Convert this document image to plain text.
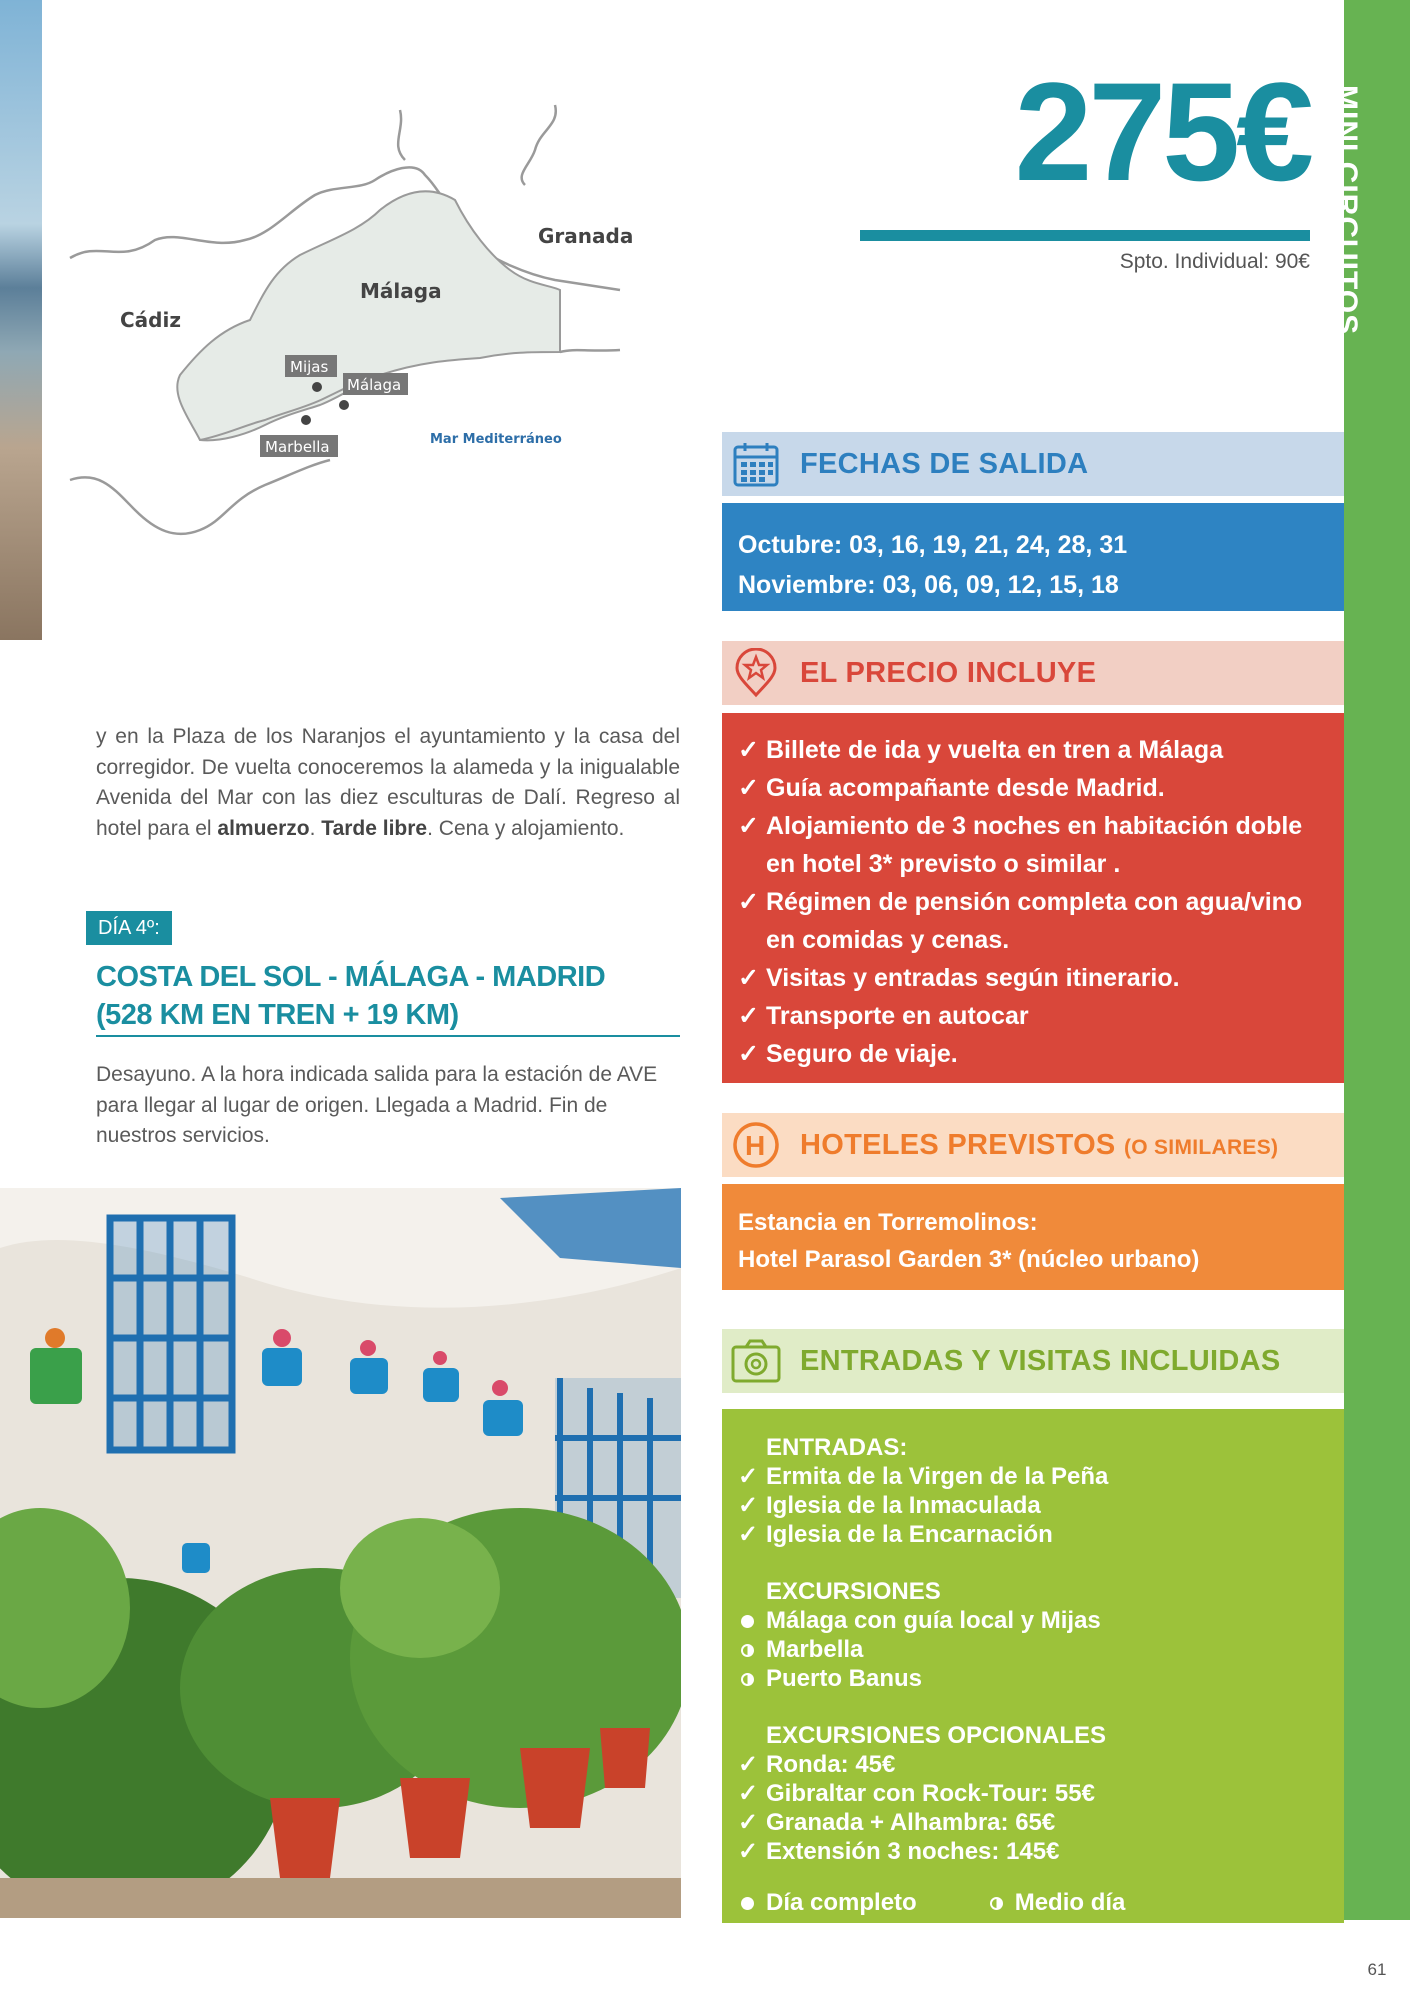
Granada
Málaga
Cádiz
Mijas
Málaga
Marbella	Mar Mediterráneo
275€
Spto. Individual: 90€ MINI CIRCUITOS
61
FECHAS DE SALIDA
Octubre: 03, 16, 19, 21, 24, 28, 31
Noviembre: 03, 06, 09, 12, 15, 18
EL PRECIO INCLUYE
✓ Billete de ida y vuelta en tren a Málaga
✓ Guía acompañante desde Madrid.
✓ Alojamiento de 3 noches en habitación doble en hotel 3* previsto o similar .
✓ Régimen de pensión completa con agua/vino en comidas y cenas.
✓ Visitas y entradas según itinerario.
✓ Transporte en autocar
✓ Seguro de viaje.
H HOTELES PREVISTOS (O SIMILARES)
Estancia en Torremolinos:
Hotel Parasol Garden 3* (núcleo urbano)
ENTRADAS Y VISITAS INCLUIDAS
ENTRADAS:
✓ Ermita de la Virgen de la Peña
✓ Iglesia de la Inmaculada
✓ Iglesia de la Encarnación
EXCURSIONES
Málaga con guía local y Mijas
Marbella
Puerto Banus
EXCURSIONES OPCIONALES
✓ Ronda: 45€
✓ Gibraltar con Rock-Tour: 55€
✓ Granada + Alhambra: 65€
✓ Extensión 3 noches: 145€
Día completo	Medio día
y en la Plaza de los Naranjos el ayuntamiento y la casa del corregidor. De vuelta conoceremos la alameda y la inigualable Avenida del Mar con las diez esculturas de Dalí. Regreso al hotel para el almuerzo. Tarde libre. Cena y alojamiento.
DÍA 4º:
COSTA DEL SOL - MÁLAGA - MADRID
(528 KM EN TREN + 19 KM)
Desayuno. A la hora indicada salida para la estación de AVE para llegar al lugar de origen. Llegada a Madrid. Fin de nuestros servicios.
